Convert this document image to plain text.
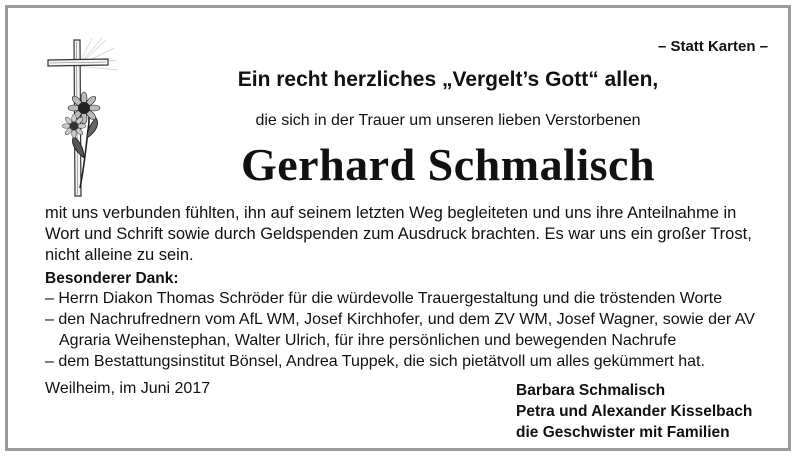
– Statt Karten –
Ein recht herzliches „Vergelt’s Gott“ allen,
die sich in der Trauer um unseren lieben Verstorbenen
Gerhard Schmalisch
mit uns verbunden fühlten, ihn auf seinem letzten Weg begleiteten und uns ihre Anteilnahme in Wort und Schrift sowie durch Geldspenden zum Ausdruck brachten. Es war uns ein großer Trost, nicht alleine zu sein.
Besonderer Dank:

– Herrn Diakon Thomas Schröder für die würdevolle Trauergestaltung und die tröstenden Worte

– den Nachrufrednern vom AfL WM, Josef Kirchhofer, und dem ZV WM, Josef Wagner, sowie der AV Agraria Weihenstephan, Walter Ulrich, für ihre persönlichen und bewegenden Nachrufe

– dem Bestattungsinstitut Bönsel, Andrea Tuppek, die sich pietätvoll um alles gekümmert hat.

Weilheim, im Juni 2017	Barbara Schmalisch
Petra und Alexander Kisselbach
die Geschwister mit Familien
